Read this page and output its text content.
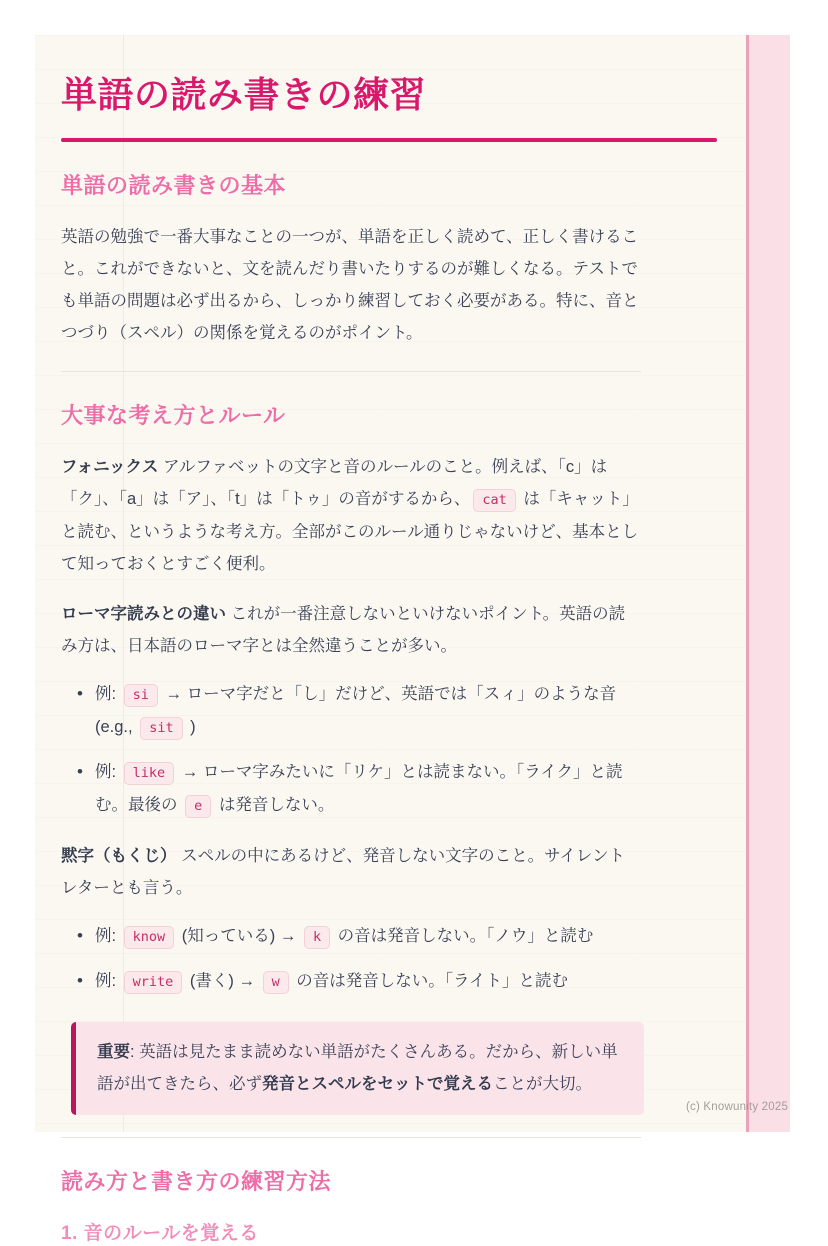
単語の読み書きの練習
単語の読み書きの基本

英語の勉強で一番大事なことの一つが、単語を正しく読めて、正しく書けること。これができないと、文を読んだり書いたりするのが難しくなる。テストでも単語の問題は必ず出るから、しっかり練習しておく必要がある。特に、音とつづり（スペル）の関係を覚えるのがポイント。

大事な考え方とルール

フォニックス アルファベットの文字と音のルールのこと。例えば、「c」は「ク」、「a」は「ア」、「t」は「トゥ」の音がするから、 cat は「キャット」と読む、というような考え方。全部がこのルール通りじゃないけど、基本として知っておくとすごく便利。

ローマ字読みとの違い これが一番注意しないといけないポイント。英語の読み方は、日本語のローマ字とは全然違うことが多い。

• 例: si → ローマ字だと「し」だけど、英語では「スィ」のような音 (e.g., sit )
• 例: like → ローマ字みたいに「リケ」とは読まない。「ライク」と読む。最後の e は発音しない。

黙字（もくじ） スペルの中にあるけど、発音しない文字のこと。サイレントレターとも言う。

• 例: know (知っている) → k の音は発音しない。「ノウ」と読む
• 例: write (書く) → w の音は発音しない。「ライト」と読む
重要: 英語は見たまま読めない単語がたくさんある。だから、新しい単語が出てきたら、必ず発音とスペルをセットで覚えることが大切。
読み方と書き方の練習方法
1. 音のルールを覚える
(c) Knowunity 2025
